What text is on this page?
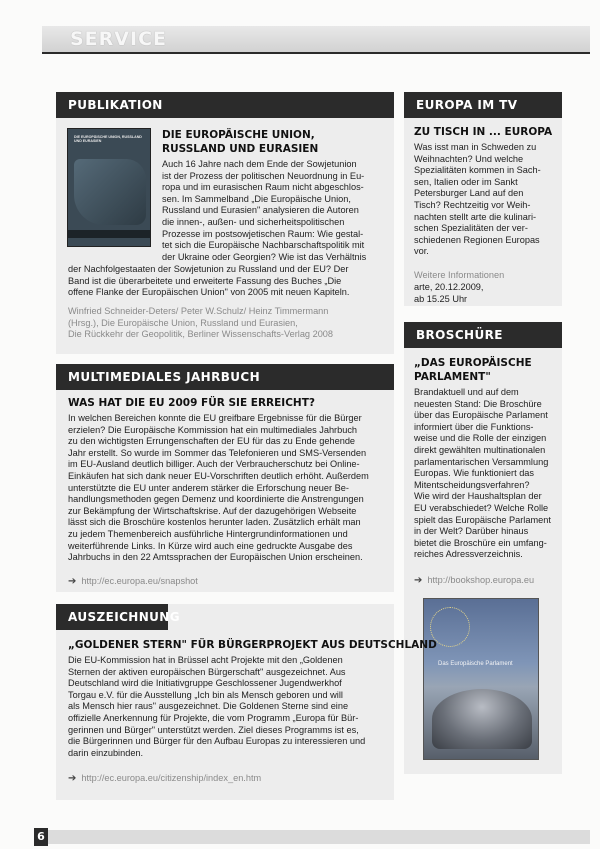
SERVICE
PUBLIKATION
DIE EUROPÄISCHE UNION, RUSSLAND UND EURASIEN
DIE EUROPÄISCHE UNION,
RUSSLAND UND EURASIEN
Auch 16 Jahre nach dem Ende der Sowjetunion
ist der Prozess der politischen Neuordnung in Eu-
ropa und im eurasischen Raum nicht abgeschlos-
sen. Im Sammelband „Die Europäische Union,
Russland und Eurasien" analysieren die Autoren
die innen-, außen- und sicherheitspolitischen
Prozesse im postsowjetischen Raum: Wie gestal-
tet sich die Europäische Nachbarschaftspolitik mit
der Ukraine oder Georgien? Wie ist das Verhältnis
der Nachfolgestaaten der Sowjetunion zu Russland und der EU? Der
Band ist die überarbeitete und erweiterte Fassung des Buches „Die
offene Flanke der Europäischen Union" von 2005 mit neuen Kapiteln.
Winfried Schneider-Deters/ Peter W.Schulz/ Heinz Timmermann
(Hrsg.), Die Europäische Union, Russland und Eurasien,
Die Rückkehr der Geopolitik, Berliner Wissenschafts-Verlag 2008
EUROPA IM TV
ZU TISCH IN ... EUROPA
Was isst man in Schweden zu
Weihnachten? Und welche
Spezialitäten kommen in Sach-
sen, Italien oder im Sankt
Petersburger Land auf den
Tisch? Rechtzeitig vor Weih-
nachten stellt arte die kulinari-
schen Spezialitäten der ver-
schiedenen Regionen Europas
vor.
Weitere Informationen
arte, 20.12.2009,
ab 15.25 Uhr
BROSCHÜRE
„DAS EUROPÄISCHE
PARLAMENT"
Brandaktuell und auf dem
neuesten Stand: Die Broschüre
über das Europäische Parlament
informiert über die Funktions-
weise und die Rolle der einzigen
direkt gewählten multinationalen
parlamentarischen Versammlung
Europas. Wie funktioniert das
Mitentscheidungsverfahren?
Wie wird der Haushaltsplan der
EU verabschiedet? Welche Rolle
spielt das Europäische Parlament
in der Welt? Darüber hinaus
bietet die Broschüre ein umfang-
reiches Adressverzeichnis.
➔ http://bookshop.europa.eu
Das Europäische Parlament
MULTIMEDIALES JAHRBUCH
WAS HAT DIE EU 2009 FÜR SIE ERREICHT?
In welchen Bereichen konnte die EU greifbare Ergebnisse für die Bürger
erzielen? Die Europäische Kommission hat ein multimediales Jahrbuch
zu den wichtigsten Errungenschaften der EU für das zu Ende gehende
Jahr erstellt. So wurde im Sommer das Telefonieren und SMS-Versenden
im EU-Ausland deutlich billiger. Auch der Verbraucherschutz bei Online-
Einkäufen hat sich dank neuer EU-Vorschriften deutlich erhöht. Außerdem
unterstützte die EU unter anderem stärker die Erforschung neuer Be-
handlungsmethoden gegen Demenz und koordinierte die Anstrengungen
zur Bekämpfung der Wirtschaftskrise. Auf der dazugehörigen Webseite
lässt sich die Broschüre kostenlos herunter laden. Zusätzlich erhält man
zu jedem Themenbereich ausführliche Hintergrundinformationen und
weiterführende Links. In Kürze wird auch eine gedruckte Ausgabe des
Jahrbuchs in den 22 Amtssprachen der Europäischen Union erscheinen.
➔ http://ec.europa.eu/snapshot
AUSZEICHNUNG
„GOLDENER STERN" FÜR BÜRGERPROJEKT AUS DEUTSCHLAND
Die EU-Kommission hat in Brüssel acht Projekte mit den „Goldenen
Sternen der aktiven europäischen Bürgerschaft" ausgezeichnet. Aus
Deutschland wird die Initiativgruppe Geschlossener Jugendwerkhof
Torgau e.V. für die Ausstellung „Ich bin als Mensch geboren und will
als Mensch hier raus" ausgezeichnet. Die Goldenen Sterne sind eine
offizielle Anerkennung für Projekte, die vom Programm „Europa für Bür-
gerinnen und Bürger" unterstützt werden. Ziel dieses Programms ist es,
die Bürgerinnen und Bürger für den Aufbau Europas zu interessieren und
darin einzubinden.
➔ http://ec.europa.eu/citizenship/index_en.htm
6
